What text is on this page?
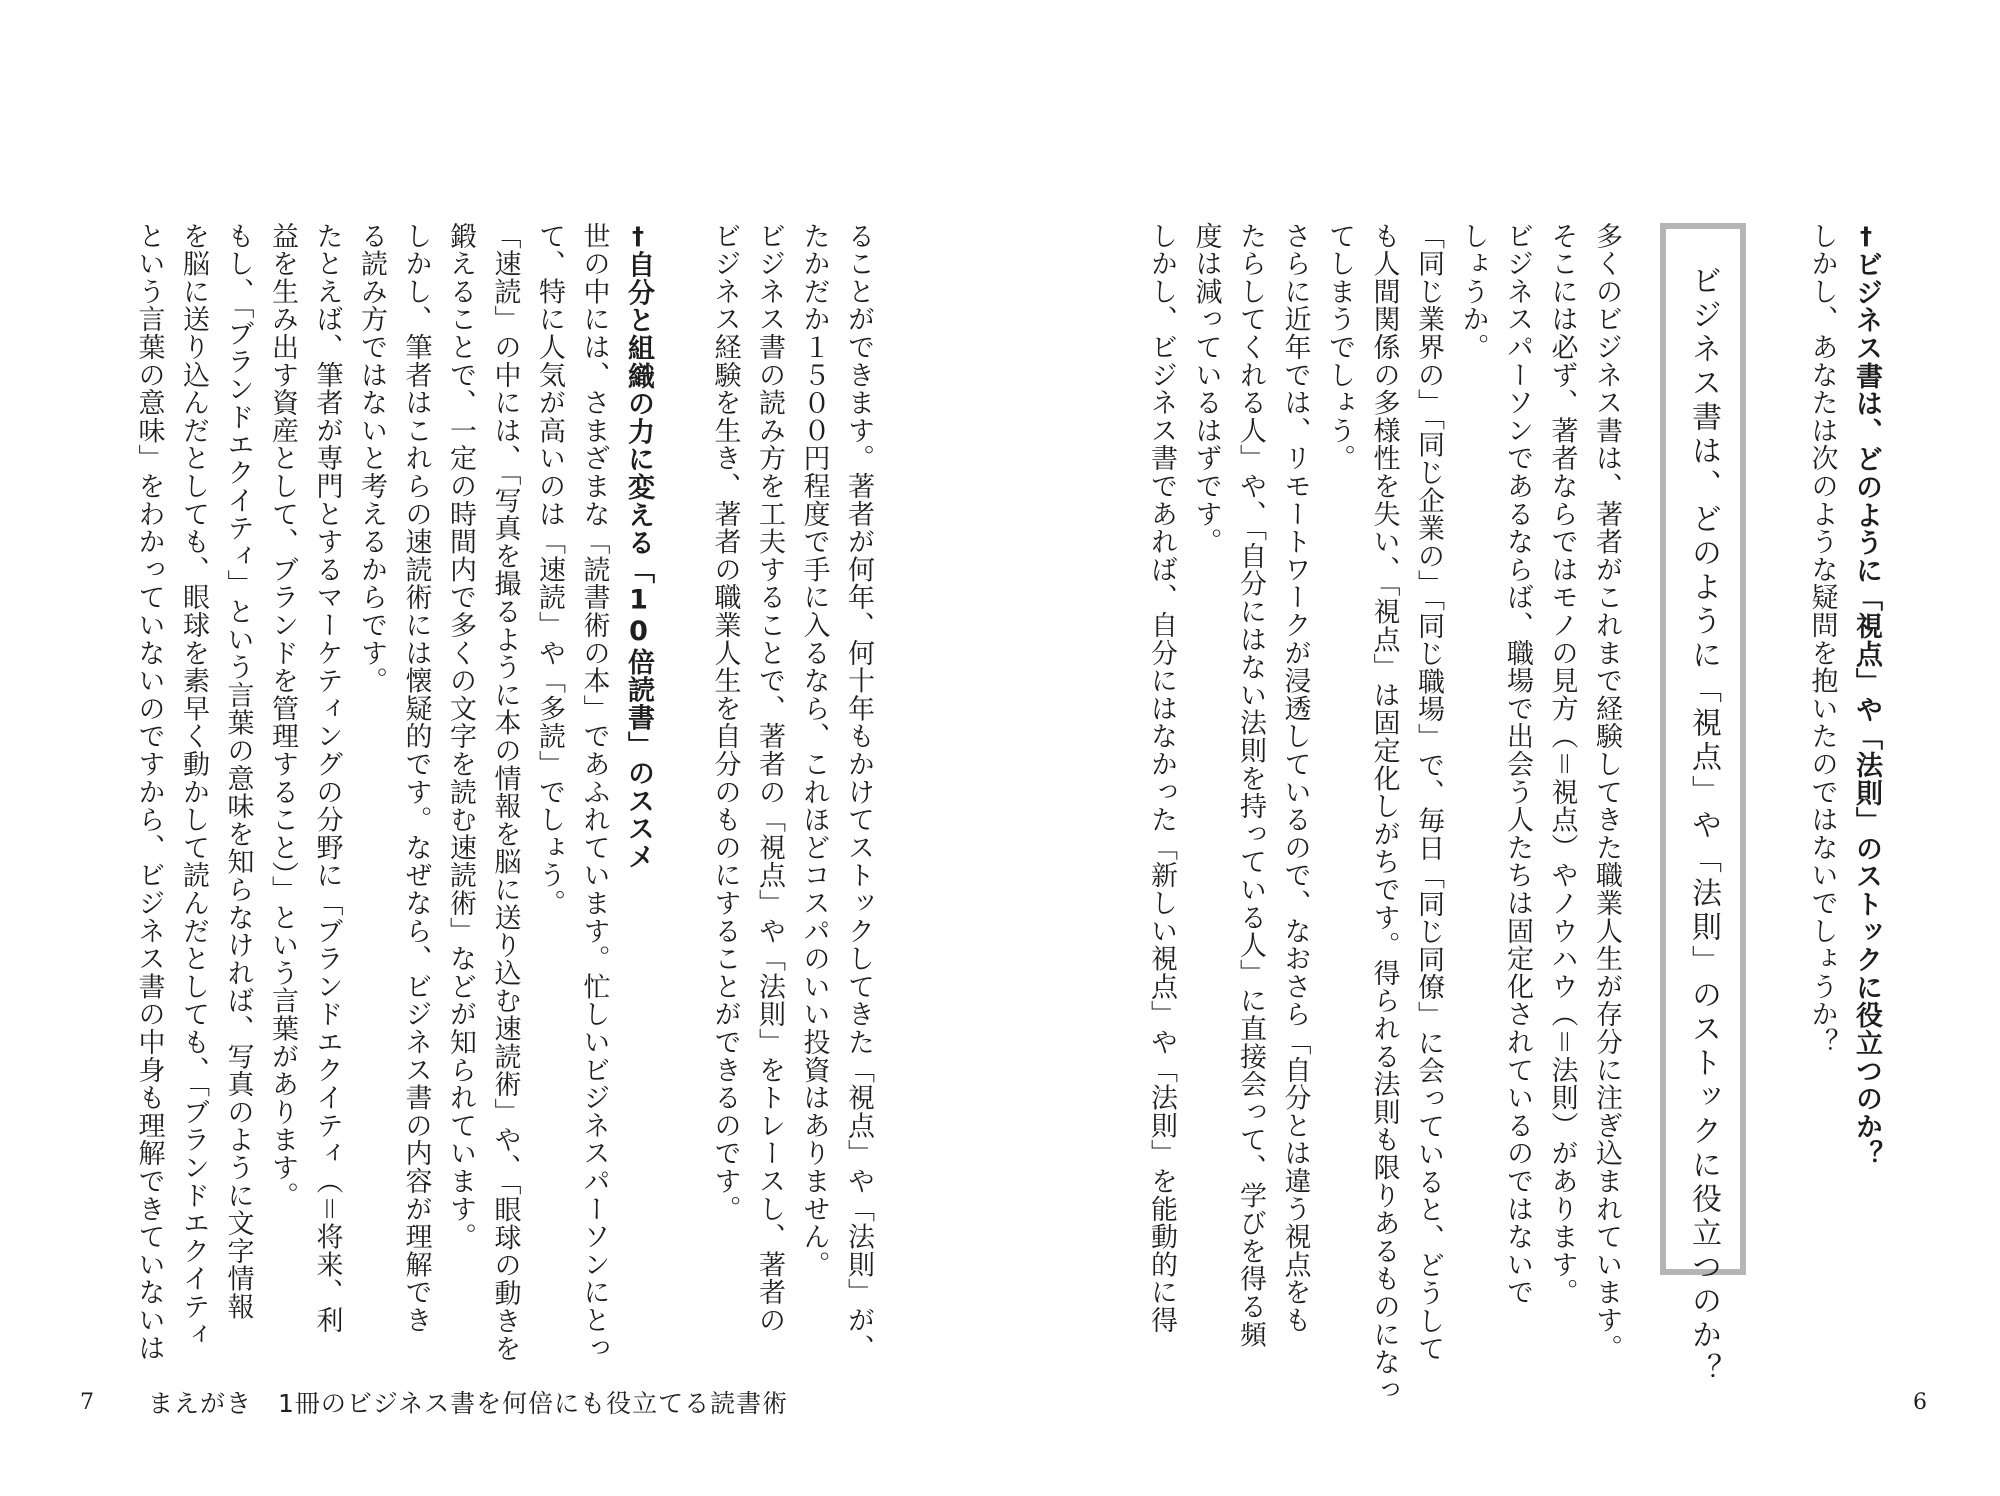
†ビジネス書は、どのように「視点」や「法則」のストックに役立つのか？

しかし、あなたは次のような疑問を抱いたのではないでしょうか？

ビジネス書は、どのように「視点」や「法則」のストックに役立つのか？

多くのビジネス書は、著者がこれまで経験してきた職業人生が存分に注ぎ込まれています。

そこには必ず、著者ならではモノの見方（＝視点）やノウハウ（＝法則）があります。

ビジネスパーソンであるならば、職場で出会う人たちは固定化されているのではないで

しょうか。

「同じ業界の」「同じ企業の」「同じ職場」で、毎日「同じ同僚」に会っていると、どうして

も人間関係の多様性を失い、「視点」は固定化しがちです。得られる法則も限りあるものになっ

てしまうでしょう。

さらに近年では、リモートワークが浸透しているので、なおさら「自分とは違う視点をも

たらしてくれる人」や、「自分にはない法則を持っている人」に直接会って、学びを得る頻

度は減っているはずです。

しかし、ビジネス書であれば、自分にはなかった「新しい視点」や「法則」を能動的に得

6

ることができます。著者が何年、何十年もかけてストックしてきた「視点」や「法則」が、

たかだか１５００円程度で手に入るなら、これほどコスパのいい投資はありません。

ビジネス書の読み方を工夫することで、著者の「視点」や「法則」をトレースし、著者の

ビジネス経験を生き、著者の職業人生を自分のものにすることができるのです。

†自分と組織の力に変える「10倍読書」のススメ

世の中には、さまざまな「読書術の本」であふれています。忙しいビジネスパーソンにとっ

て、特に人気が高いのは「速読」や「多読」でしょう。

「速読」の中には、「写真を撮るように本の情報を脳に送り込む速読術」や、「眼球の動きを

鍛えることで、一定の時間内で多くの文字を読む速読術」などが知られています。

しかし、筆者はこれらの速読術には懐疑的です。なぜなら、ビジネス書の内容が理解でき

る読み方ではないと考えるからです。

たとえば、筆者が専門とするマーケティングの分野に「ブランドエクイティ（＝将来、利

益を生み出す資産として、ブランドを管理すること）」という言葉があります。

もし、「ブランドエクイティ」という言葉の意味を知らなければ、写真のように文字情報

を脳に送り込んだとしても、眼球を素早く動かして読んだとしても、「ブランドエクイティ

という言葉の意味」をわかっていないのですから、ビジネス書の中身も理解できていないは

7 まえがき　1冊のビジネス書を何倍にも役立てる読書術
